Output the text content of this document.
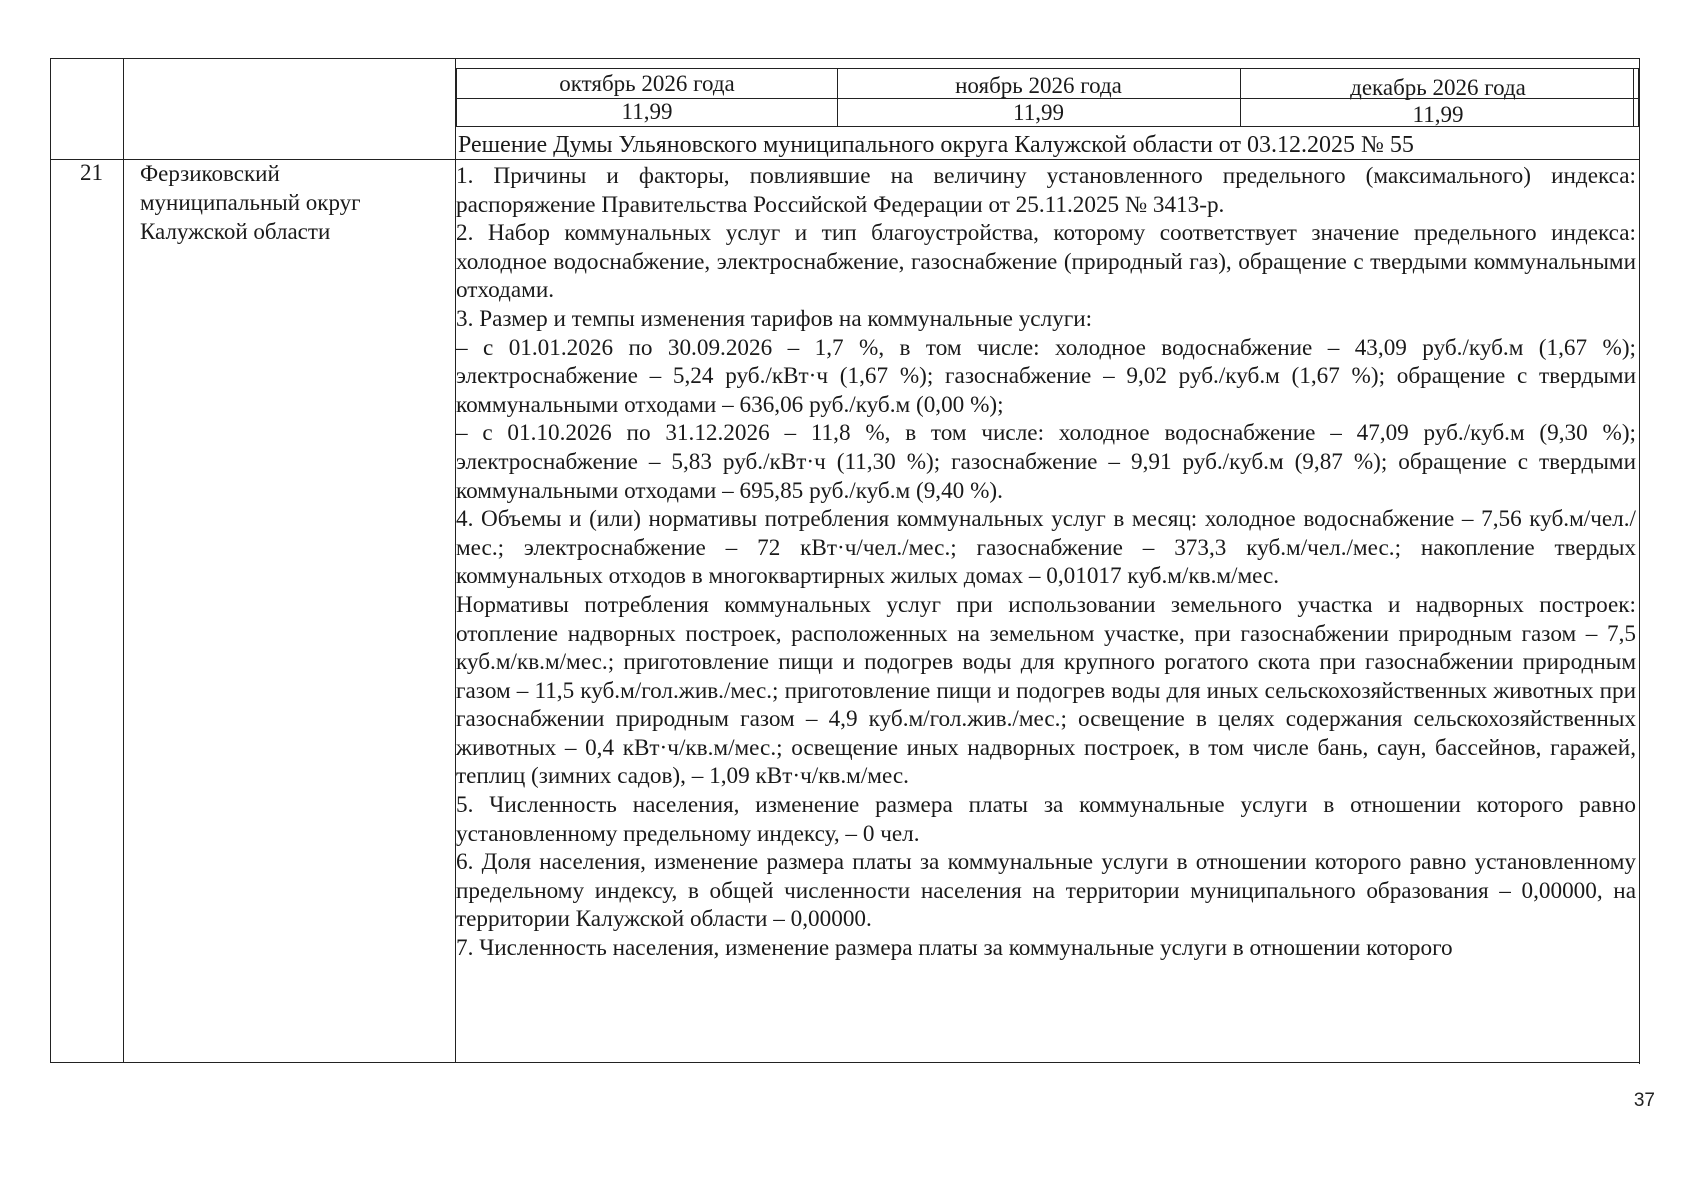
октябрь 2026 года	ноябрь 2026 года	декабрь 2026 года
11,99	11,99	11,99
Решение Думы Ульяновского муниципального округа Калужской области от 03.12.2025 № 55
21 Ферзиковский муниципальный округ Калужской области

1. Причины и факторы, повлиявшие на величину установленного предельного (максимального) индекса: распоряжение Правительства Российской Федерации от 25.11.2025 № 3413-р.

2. Набор коммунальных услуг и тип благоустройства, которому соответствует значение предельного индекса: холодное водоснабжение, электроснабжение, газоснабжение (природный газ), обращение с твердыми коммунальными отходами.

3. Размер и темпы изменения тарифов на коммунальные услуги:

– с 01.01.2026 по 30.09.2026 – 1,7 %, в том числе: холодное водоснабжение – 43,09 руб./куб.м (1,67 %); электроснабжение – 5,24 руб./кВт·ч (1,67 %); газоснабжение – 9,02 руб./куб.м (1,67 %); обращение с твердыми коммунальными отходами – 636,06 руб./куб.м (0,00 %);

– с 01.10.2026 по 31.12.2026 – 11,8 %, в том числе: холодное водоснабжение – 47,09 руб./куб.м (9,30 %); электроснабжение – 5,83 руб./кВт·ч (11,30 %); газоснабжение – 9,91 руб./куб.м (9,87 %); обращение с твердыми коммунальными отходами – 695,85 руб./куб.м (9,40 %).

4. Объемы и (или) нормативы потребления коммунальных услуг в месяц: холодное водоснабжение – 7,56 куб.м/чел./мес.; электроснабжение – 72 кВт·ч/чел./мес.; газоснабжение – 373,3 куб.м/чел./мес.; накопление твердых коммунальных отходов в многоквартирных жилых домах – 0,01017 куб.м/кв.м/мес.

Нормативы потребления коммунальных услуг при использовании земельного участка и надворных построек: отопление надворных построек, расположенных на земельном участке, при газоснабжении природным газом – 7,5 куб.м/кв.м/мес.; приготовление пищи и подогрев воды для крупного рогатого скота при газоснабжении природным газом – 11,5 куб.м/гол.жив./мес.; приготовление пищи и подогрев воды для иных сельскохозяйственных животных при газоснабжении природным газом – 4,9 куб.м/гол.жив./мес.; освещение в целях содержания сельскохозяйственных животных – 0,4 кВт·ч/кв.м/мес.; освещение иных надворных построек, в том числе бань, саун, бассейнов, гаражей, теплиц (зимних садов), – 1,09 кВт·ч/кв.м/мес.

5. Численность населения, изменение размера платы за коммунальные услуги в отношении которого равно установленному предельному индексу, – 0 чел.

6. Доля населения, изменение размера платы за коммунальные услуги в отношении которого равно установленному предельному индексу, в общей численности населения на территории муниципального образования – 0,00000, на территории Калужской области – 0,00000.

7. Численность населения, изменение размера платы за коммунальные услуги в отношении которого

37
